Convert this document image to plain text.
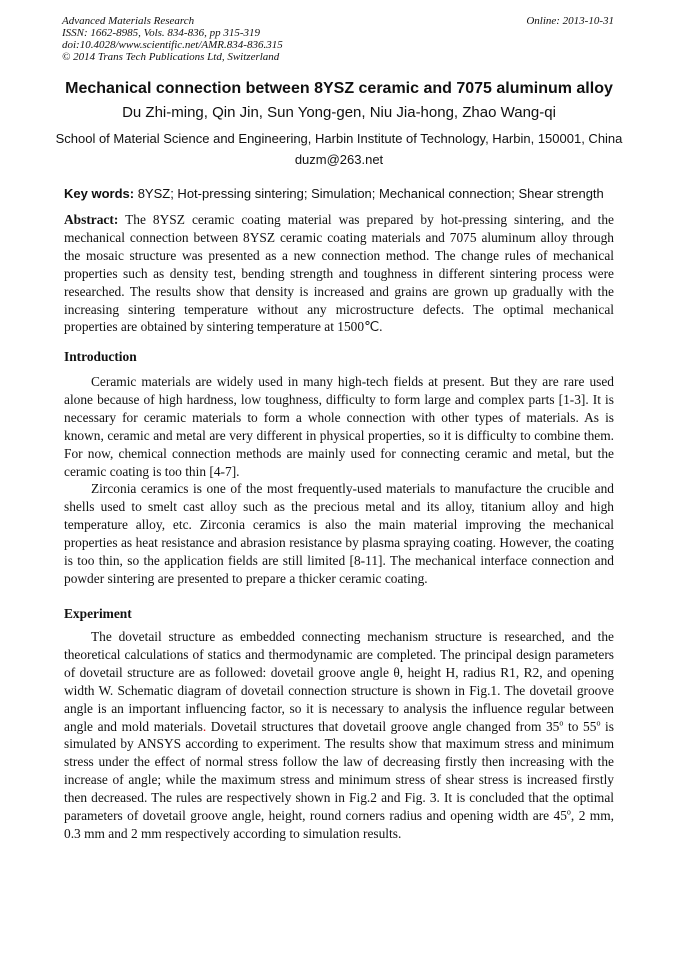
Advanced Materials Research
ISSN: 1662-8985, Vols. 834-836, pp 315-319
doi:10.4028/www.scientific.net/AMR.834-836.315
© 2014 Trans Tech Publications Ltd, Switzerland
Online: 2013-10-31
Mechanical connection between 8YSZ ceramic and 7075 aluminum alloy
Du Zhi-ming, Qin Jin, Sun Yong-gen, Niu Jia-hong, Zhao Wang-qi
School of Material Science and Engineering, Harbin Institute of Technology, Harbin, 150001, China
duzm@263.net
Key words: 8YSZ; Hot-pressing sintering; Simulation; Mechanical connection; Shear strength
Abstract: The 8YSZ ceramic coating material was prepared by hot-pressing sintering, and the mechanical connection between 8YSZ ceramic coating materials and 7075 aluminum alloy through the mosaic structure was presented as a new connection method. The change rules of mechanical properties such as density test, bending strength and toughness in different sintering process were researched. The results show that density is increased and grains are grown up gradually with the increasing sintering temperature without any microstructure defects. The optimal mechanical properties are obtained by sintering temperature at 1500℃.
Introduction

Ceramic materials are widely used in many high-tech fields at present. But they are rare used alone because of high hardness, low toughness, difficulty to form large and complex parts [1-3]. It is necessary for ceramic materials to form a whole connection with other types of materials. As is known, ceramic and metal are very different in physical properties, so it is difficulty to combine them. For now, chemical connection methods are mainly used for connecting ceramic and metal, but the ceramic coating is too thin [4-7].

Zirconia ceramics is one of the most frequently-used materials to manufacture the crucible and shells used to smelt cast alloy such as the precious metal and its alloy, titanium alloy and high temperature alloy, etc. Zirconia ceramics is also the main material improving the mechanical properties as heat resistance and abrasion resistance by plasma spraying coating. However, the coating is too thin, so the application fields are still limited [8-11]. The mechanical interface connection and powder sintering are presented to prepare a thicker ceramic coating.

Experiment

The dovetail structure as embedded connecting mechanism structure is researched, and the theoretical calculations of statics and thermodynamic are completed. The principal design parameters of dovetail structure are as followed: dovetail groove angle θ, height H, radius R1, R2, and opening width W. Schematic diagram of dovetail connection structure is shown in Fig.1. The dovetail groove angle is an important influencing factor, so it is necessary to analysis the influence regular between angle and mold materials. Dovetail structures that dovetail groove angle changed from 35$^o$ to 55$^o$ is simulated by ANSYS according to experiment. The results show that maximum stress and minimum stress under the effect of normal stress follow the law of decreasing firstly then increasing with the increase of angle; while the maximum stress and minimum stress of shear stress is increased firstly then decreased. The rules are respectively shown in Fig.2 and Fig. 3. It is concluded that the optimal parameters of dovetail groove angle, height, round corners radius and opening width are 45$^o$, 2 mm, 0.3 mm and 2 mm respectively according to simulation results.
